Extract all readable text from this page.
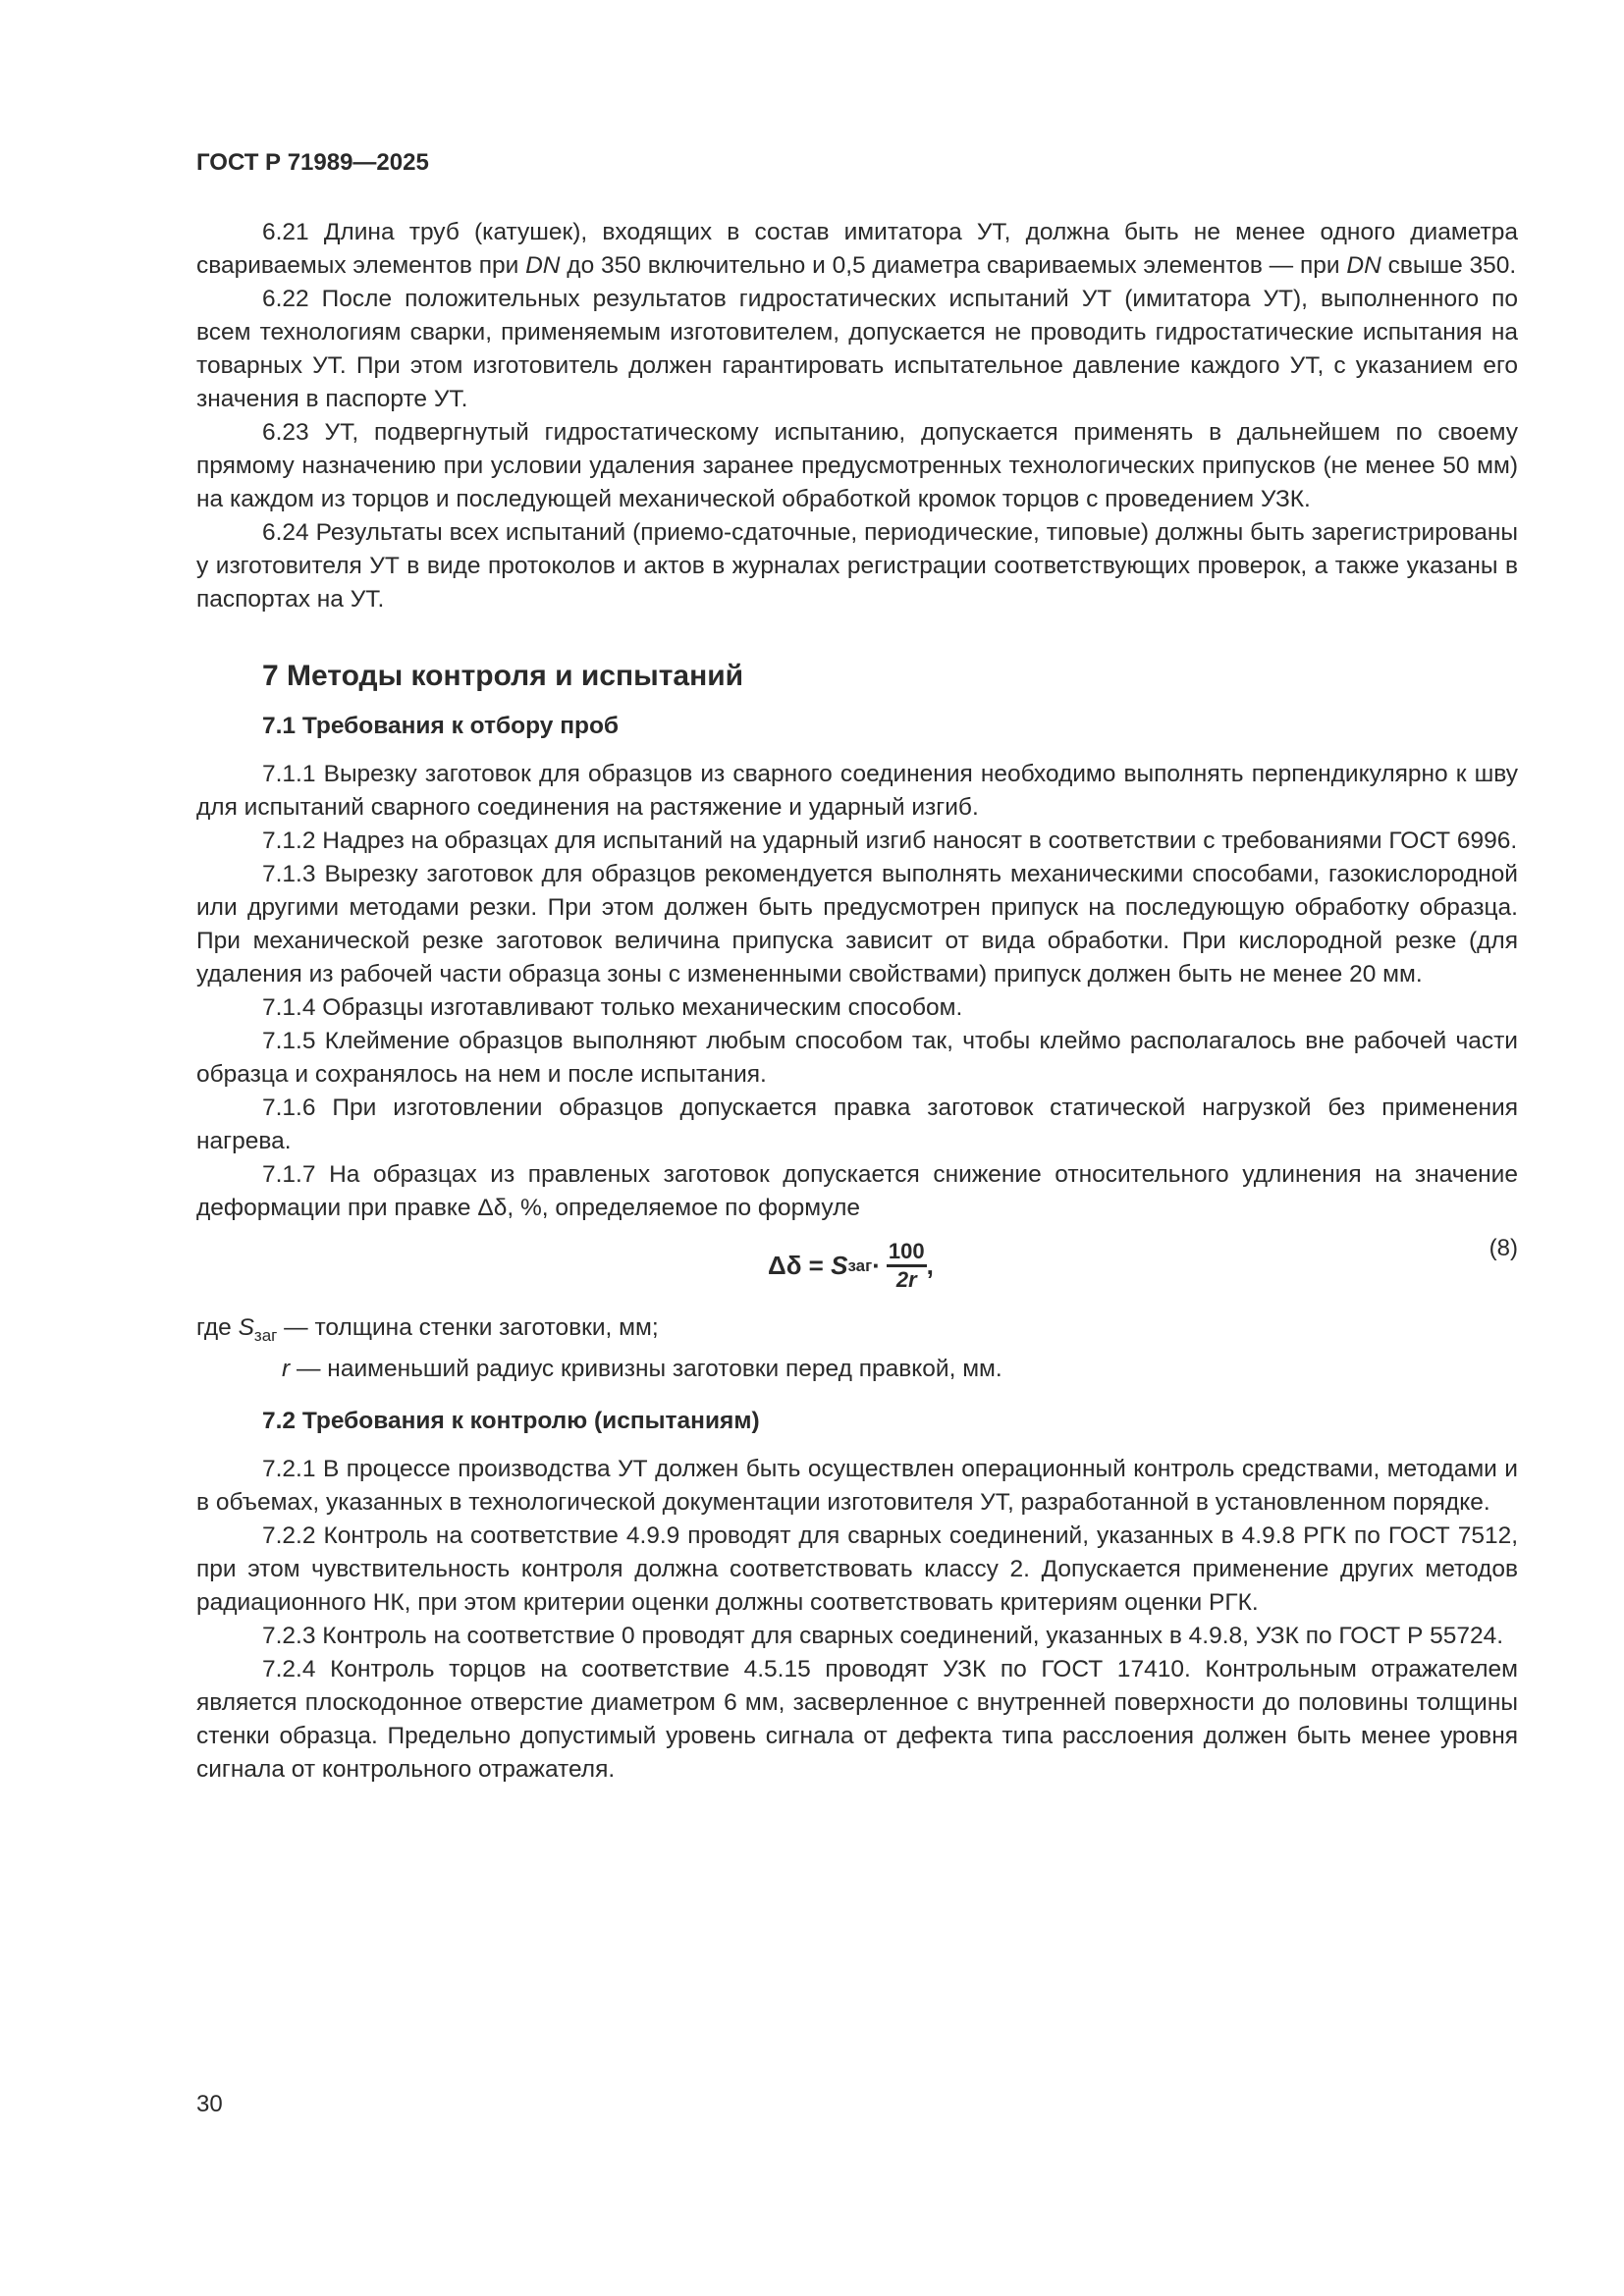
ГОСТ Р 71989—2025

6.21 Длина труб (катушек), входящих в состав имитатора УТ, должна быть не менее одного диаметра свариваемых элементов при DN до 350 включительно и 0,5 диаметра свариваемых элементов — при DN свыше 350.

6.22 После положительных результатов гидростатических испытаний УТ (имитатора УТ), выполненного по всем технологиям сварки, применяемым изготовителем, допускается не проводить гидростатические испытания на товарных УТ. При этом изготовитель должен гарантировать испытательное давление каждого УТ, с указанием его значения в паспорте УТ.

6.23 УТ, подвергнутый гидростатическому испытанию, допускается применять в дальнейшем по своему прямому назначению при условии удаления заранее предусмотренных технологических припусков (не менее 50 мм) на каждом из торцов и последующей механической обработкой кромок торцов с проведением УЗК.

6.24 Результаты всех испытаний (приемо-сдаточные, периодические, типовые) должны быть зарегистрированы у изготовителя УТ в виде протоколов и актов в журналах регистрации соответствующих проверок, а также указаны в паспортах на УТ.

7 Методы контроля и испытаний
7.1 Требования к отбору проб

7.1.1 Вырезку заготовок для образцов из сварного соединения необходимо выполнять перпендикулярно к шву для испытаний сварного соединения на растяжение и ударный изгиб.

7.1.2 Надрез на образцах для испытаний на ударный изгиб наносят в соответствии с требованиями ГОСТ 6996.

7.1.3 Вырезку заготовок для образцов рекомендуется выполнять механическими способами, газокислородной или другими методами резки. При этом должен быть предусмотрен припуск на последующую обработку образца. При механической резке заготовок величина припуска зависит от вида обработки. При кислородной резке (для удаления из рабочей части образца зоны с измененными свойствами) припуск должен быть не менее 20 мм.

7.1.4 Образцы изготавливают только механическим способом.

7.1.5 Клеймение образцов выполняют любым способом так, чтобы клеймо располагалось вне рабочей части образца и сохранялось на нем и после испытания.

7.1.6 При изготовлении образцов допускается правка заготовок статической нагрузкой без применения нагрева.

7.1.7 На образцах из правленых заготовок допускается снижение относительного удлинения на значение деформации при правке Δδ, %, определяемое по формуле

Δδ =
S заг · $\frac{100}{2r}$ ,
(8)
где $S_{заг}$ — толщина стенки заготовки, мм;
r — наименьший радиус кривизны заготовки перед правкой, мм.
7.2 Требования к контролю (испытаниям)

7.2.1 В процессе производства УТ должен быть осуществлен операционный контроль средствами, методами и в объемах, указанных в технологической документации изготовителя УТ, разработанной в установленном порядке.

7.2.2 Контроль на соответствие 4.9.9 проводят для сварных соединений, указанных в 4.9.8 РГК по ГОСТ 7512, при этом чувствительность контроля должна соответствовать классу 2. Допускается применение других методов радиационного НК, при этом критерии оценки должны соответствовать критериям оценки РГК.

7.2.3 Контроль на соответствие 0 проводят для сварных соединений, указанных в 4.9.8, УЗК по ГОСТ Р 55724.

7.2.4 Контроль торцов на соответствие 4.5.15 проводят УЗК по ГОСТ 17410. Контрольным отражателем является плоскодонное отверстие диаметром 6 мм, засверленное с внутренней поверхности до половины толщины стенки образца. Предельно допустимый уровень сигнала от дефекта типа расслоения должен быть менее уровня сигнала от контрольного отражателя.

30
